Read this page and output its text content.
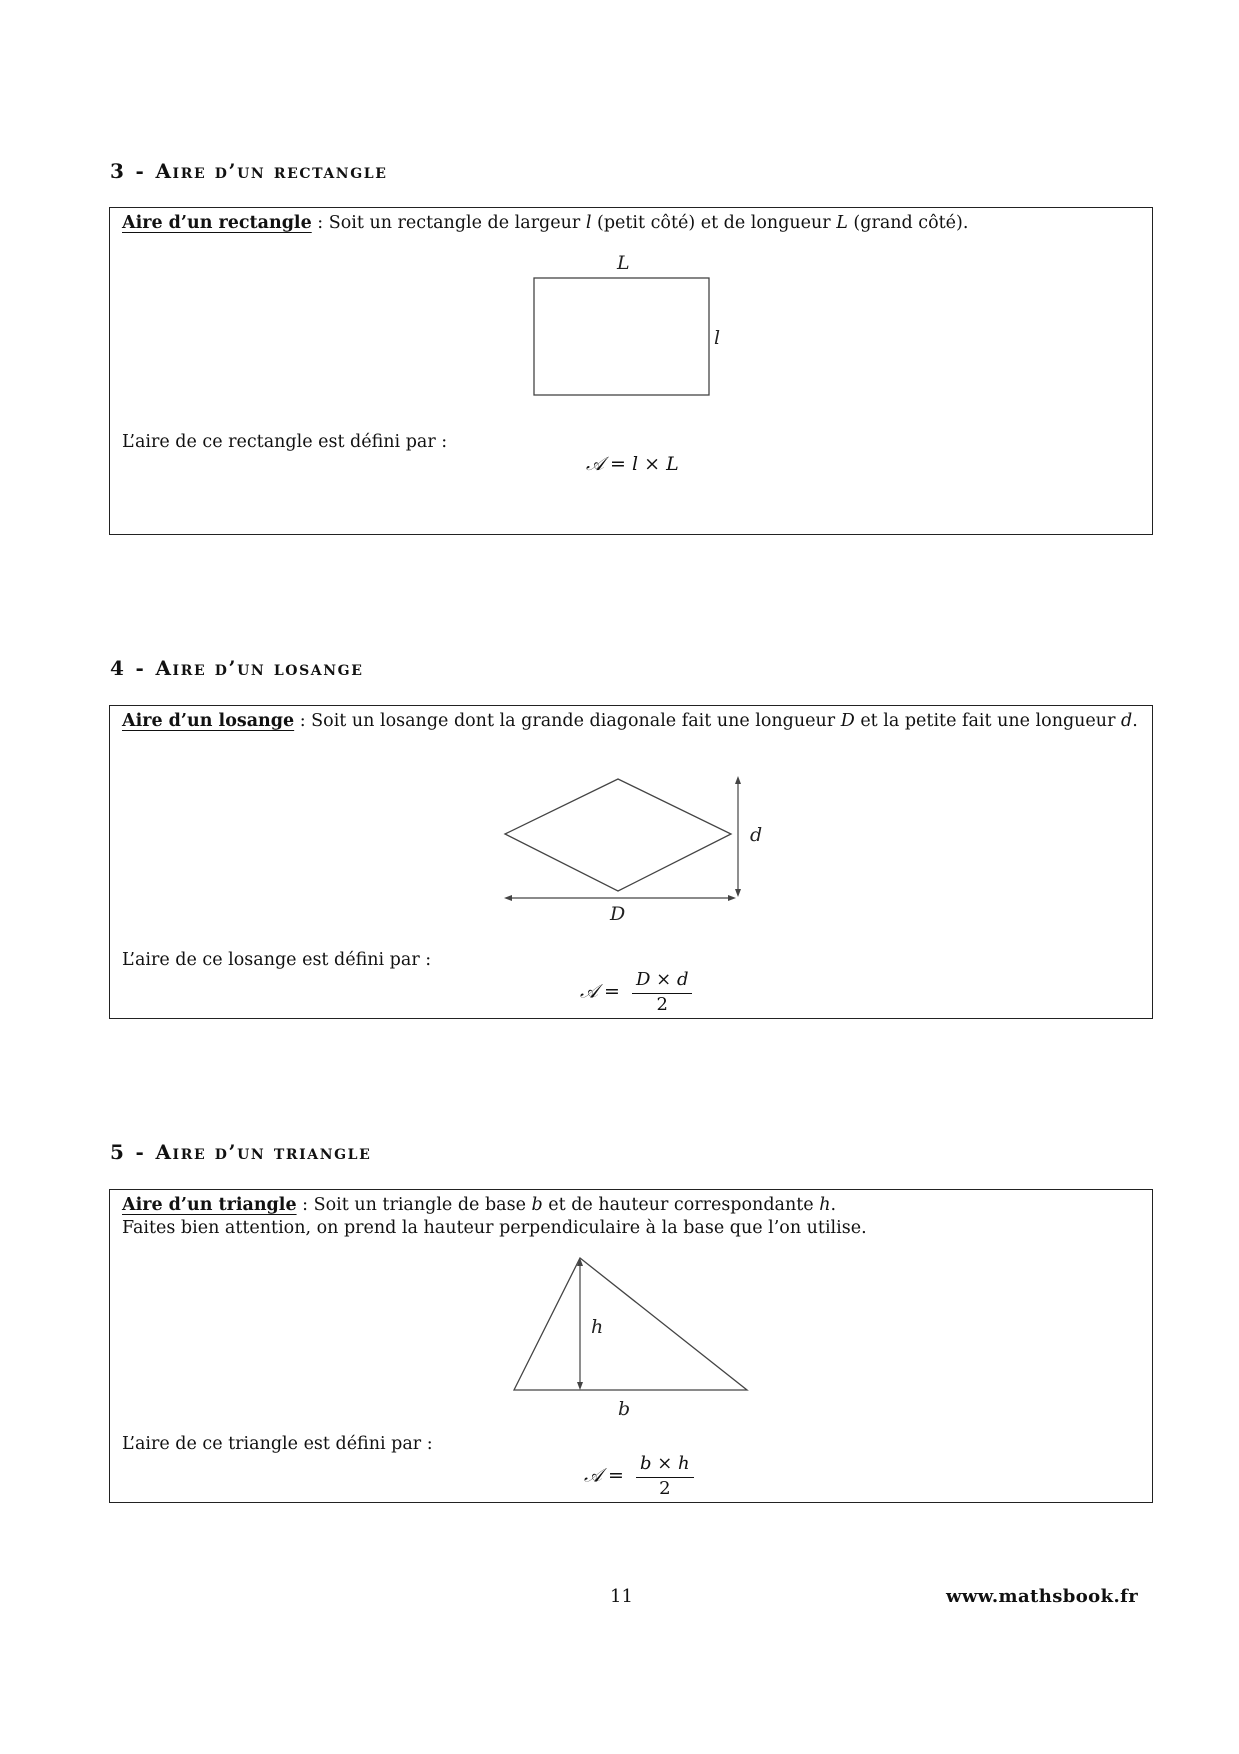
3 - Aire d’un rectangle
Aire d’un rectangle : Soit un rectangle de largeur l (petit côté) et de longueur L (grand côté).
L
l
L’aire de ce rectangle est défini par :
𝒜 = l × L
4 - Aire d’un losange
Aire d’un losange : Soit un losange dont la grande diagonale fait une longueur D et la petite fait une longueur d.
d
D
L’aire de ce losange est défini par :
𝒜 = $\frac{D \times d}{2}$
5 - Aire d’un triangle
Aire d’un triangle : Soit un triangle de base b et de hauteur correspondante h.
Faites bien attention, on prend la hauteur perpendiculaire à la base que l’on utilise.
h
b
L’aire de ce triangle est défini par :
𝒜 = $\frac{b \times h}{2}$
11	www.mathsbook.fr
